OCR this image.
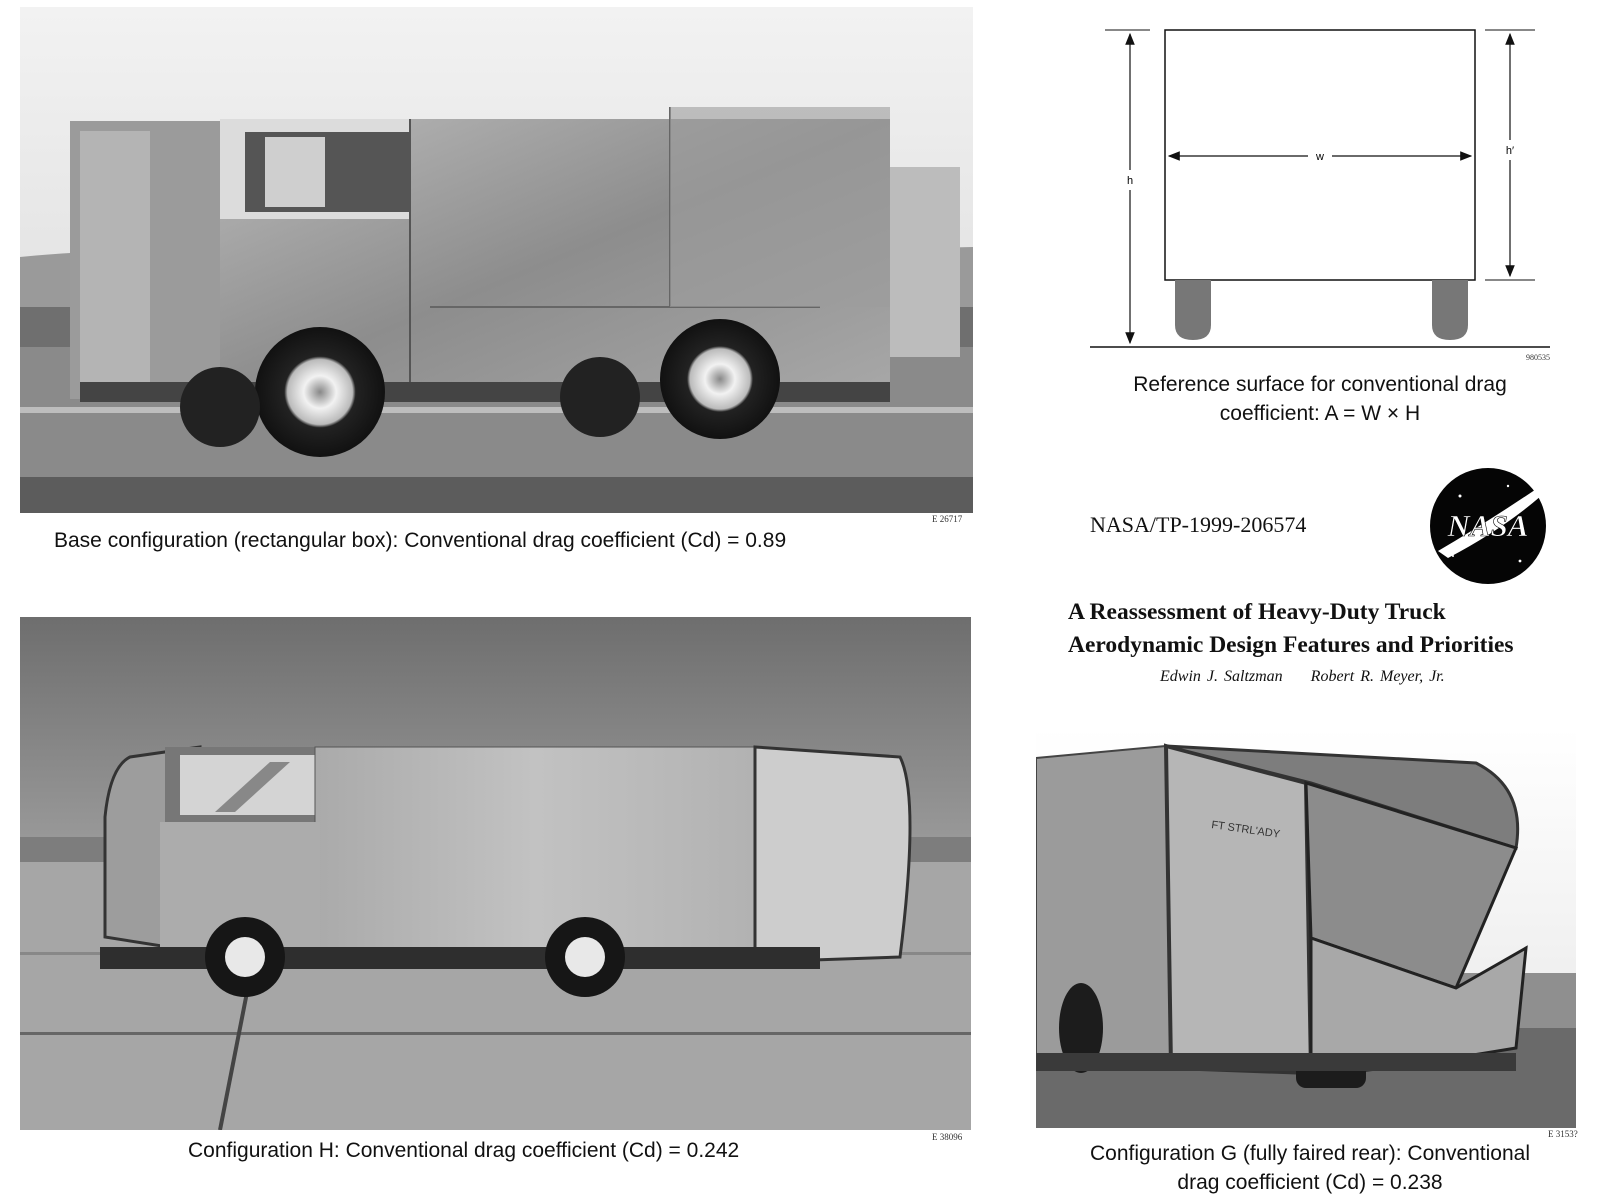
E 26717
Base configuration (rectangular box): Conventional drag coefficient (Cd) = 0.89
w
h
h′
980535
Reference surface for conventional drag
coefficient: A = W × H
NASA/TP-1999-206574	NASA
A Reassessment of Heavy-Duty Truck
Aerodynamic Design Features and Priorities
Edwin J. Saltzman Robert R. Meyer, Jr.
E 38096
Configuration H: Conventional drag coefficient (Cd) = 0.242
FT STRL'ADY
E 3153?
Configuration G (fully faired rear): Conventional
drag coefficient (Cd) = 0.238
